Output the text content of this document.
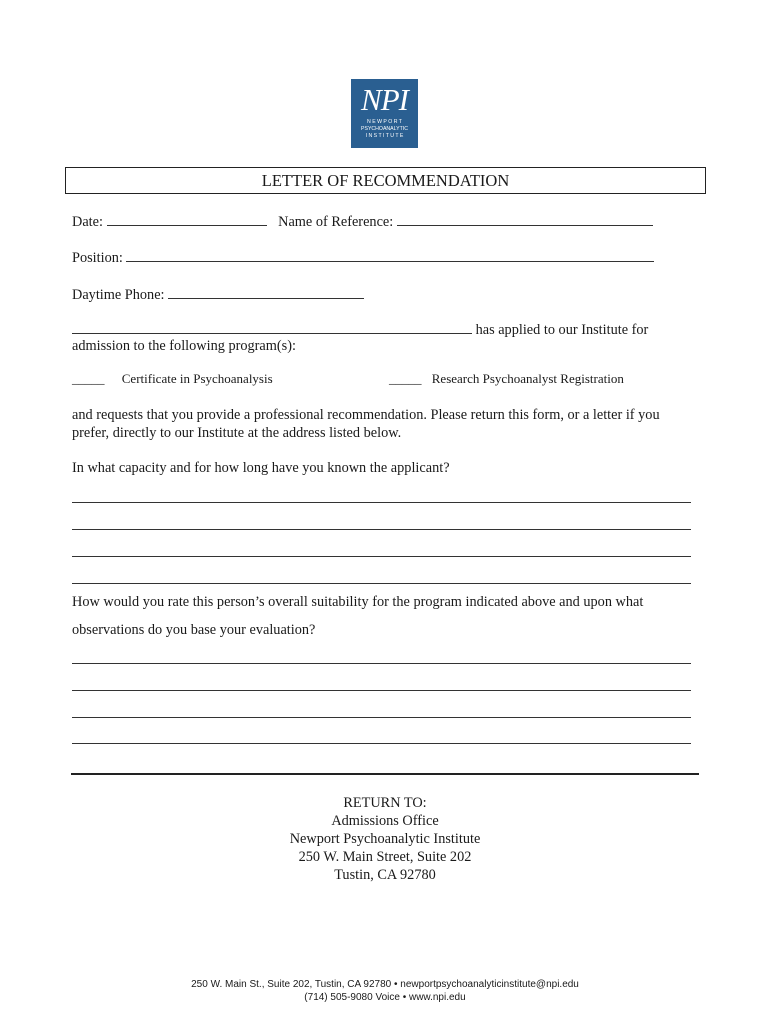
NPI
N E W P O R T
PSYCHOANALYTIC
I N S T I T U T E
LETTER OF RECOMMENDATION
Date:	Name of Reference:
Position:
Daytime Phone:
has applied to our Institute for
admission to the following program(s):
_____ Certificate in Psychoanalysis	_____ Research Psychoanalyst Registration
and requests that you provide a professional recommendation. Please return this form, or a letter if you
prefer, directly to our Institute at the address listed below.
In what capacity and for how long have you known the applicant?
How would you rate this person’s overall suitability for the program indicated above and upon what
observations do you base your evaluation?
RETURN TO:
Admissions Office
Newport Psychoanalytic Institute
250 W. Main Street, Suite 202
Tustin, CA 92780
250 W. Main St., Suite 202, Tustin, CA 92780 • newportpsychoanalyticinstitute@npi.edu
(714) 505-9080 Voice • www.npi.edu
